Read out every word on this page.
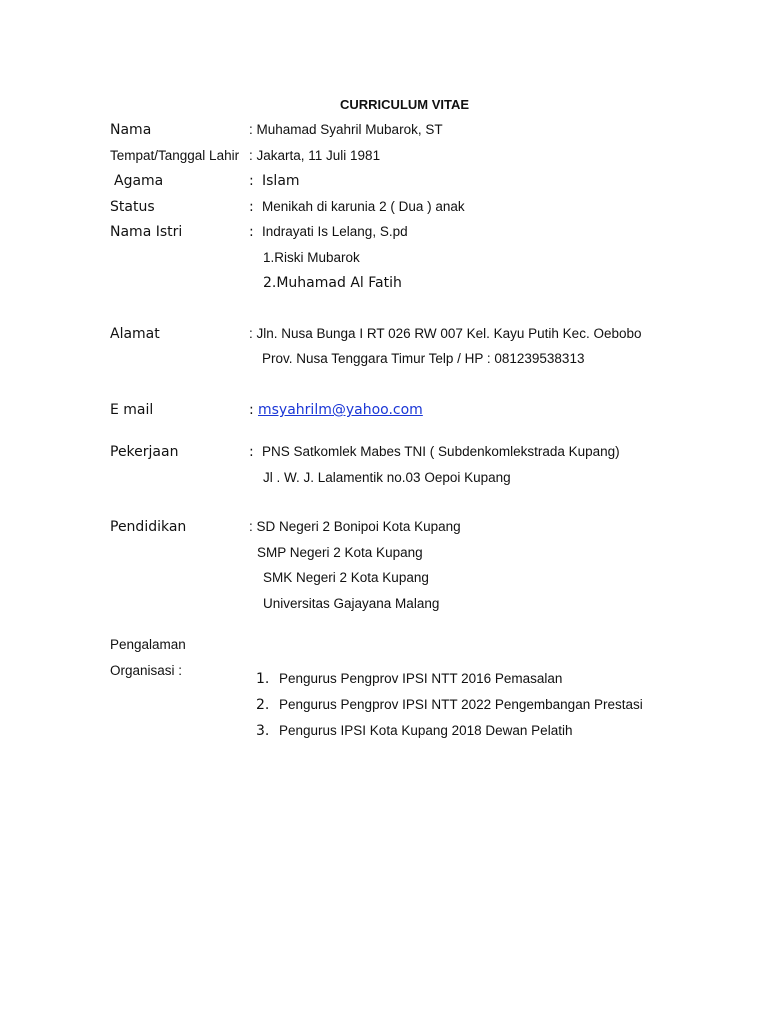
CURRICULUM VITAE
Nama	: Muhamad Syahril Mubarok, ST
Tempat/Tanggal Lahir : Jakarta, 11 Juli 1981
Agama	: Islam
Status	: Menikah di karunia 2 ( Dua ) anak
Nama Istri	: Indrayati Is Lelang, S.pd
1.Riski Mubarok
2.Muhamad Al Fatih
Alamat	: Jln. Nusa Bunga I RT 026 RW 007 Kel. Kayu Putih Kec. Oebobo
Prov. Nusa Tenggara Timur Telp / HP : 081239538313
E mail	: msyahrilm@yahoo.com
Pekerjaan	: PNS Satkomlek Mabes TNI ( Subdenkomlekstrada Kupang)
Jl . W. J. Lalamentik no.03 Oepoi Kupang
Pendidikan	: SD Negeri 2 Bonipoi Kota Kupang
SMP Negeri 2 Kota Kupang
SMK Negeri 2 Kota Kupang
Universitas Gajayana Malang
Pengalaman
Organisasi :
1. Pengurus Pengprov IPSI NTT 2016 Pemasalan
2. Pengurus Pengprov IPSI NTT 2022 Pengembangan Prestasi
3. Pengurus IPSI Kota Kupang 2018 Dewan Pelatih
